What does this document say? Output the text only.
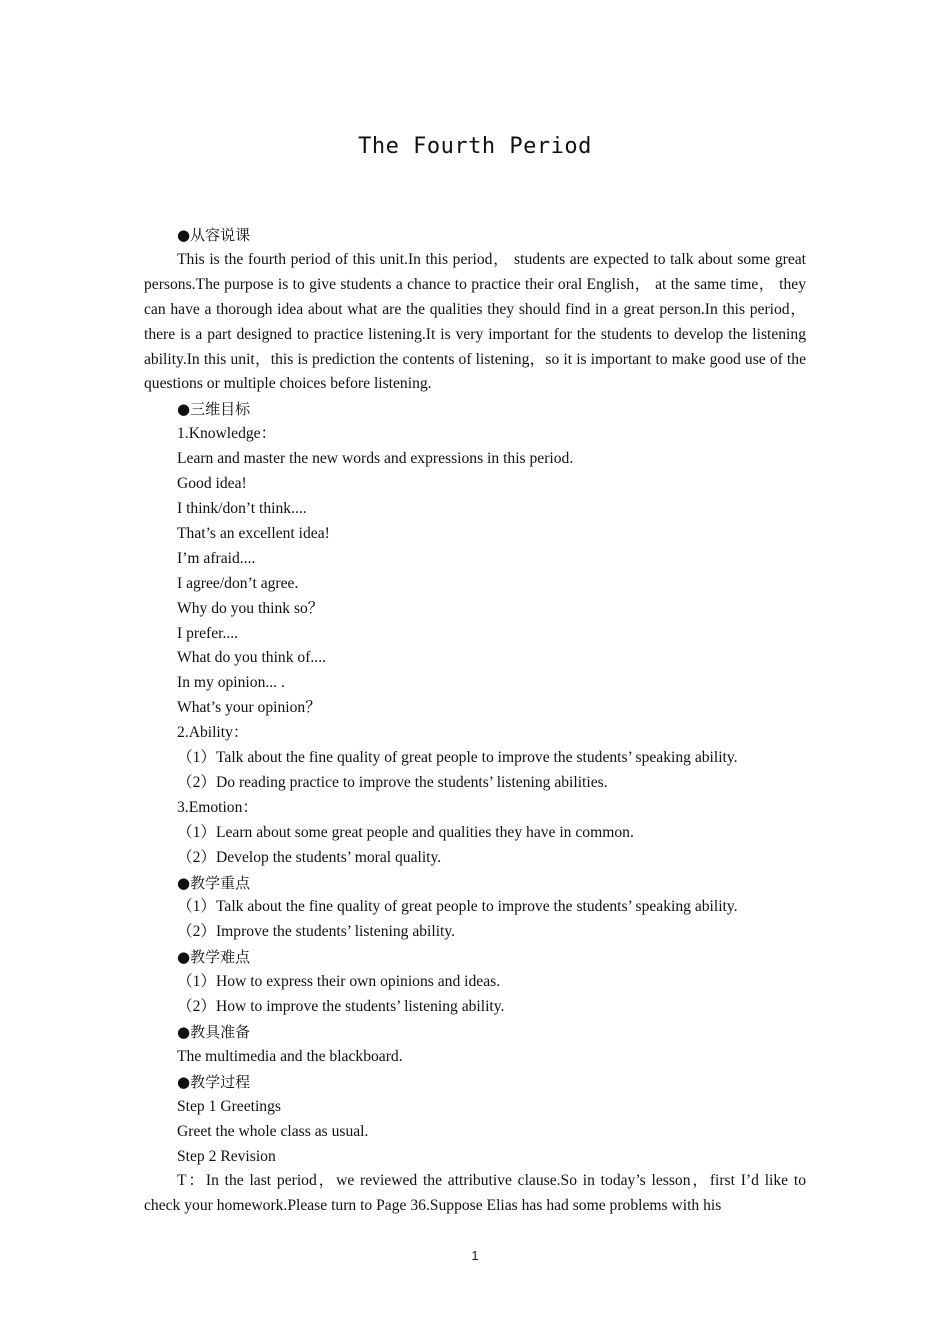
The Fourth Period

●从容说课

This is the fourth period of this unit.In this period， students are expected to talk about some great persons.The purpose is to give students a chance to practice their oral English， at the same time， they can have a thorough idea about what are the qualities they should find in a great person.In this period， there is a part designed to practice listening.It is very important for the students to develop the listening ability.In this unit，this is prediction the contents of listening，so it is important to make good use of the questions or multiple choices before listening.

●三维目标

1.Knowledge：

Learn and master the new words and expressions in this period.

Good idea!

I think/don’t think....

That’s an excellent idea!

I’m afraid....

I agree/don’t agree.

Why do you think so？

I prefer....

What do you think of....

In my opinion... .

What’s your opinion？

2.Ability：

（1）Talk about the fine quality of great people to improve the students’ speaking ability.

（2）Do reading practice to improve the students’ listening abilities.

3.Emotion：

（1）Learn about some great people and qualities they have in common.

（2）Develop the students’ moral quality.

●教学重点

（1）Talk about the fine quality of great people to improve the students’ speaking ability.

（2）Improve the students’ listening ability.

●教学难点

（1）How to express their own opinions and ideas.

（2）How to improve the students’ listening ability.

●教具准备

The multimedia and the blackboard.

●教学过程

Step 1 Greetings

Greet the whole class as usual.

Step 2 Revision

T：In the last period，we reviewed the attributive clause.So in today’s lesson，first I’d like to check your homework.Please turn to Page 36.Suppose Elias has had some problems with his

1
